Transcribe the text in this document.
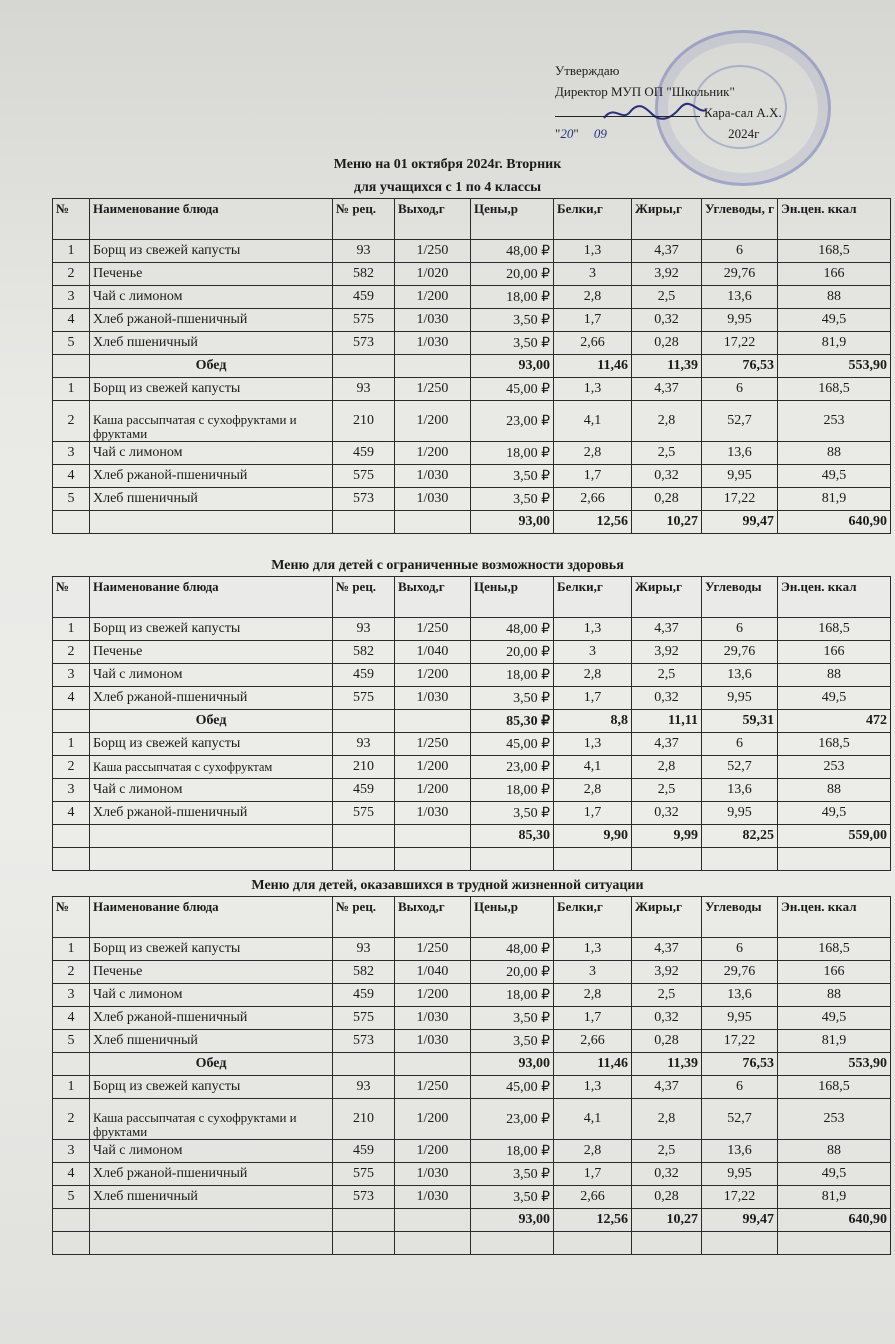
Утверждаю
Директор МУП ОП "Школьник"
Кара-сал А.Х.
"20" 09	2024г
Меню на 01 октября 2024г. Вторник
для учащихся с 1 по 4 классы
№	Наименование блюда	№ рец.	Выход,г	Цены,р	Белки,г	Жиры,г	Углеводы, г	Эн.цен. ккал
1	Борщ из свежей капусты	93	1/250	48,00 ₽	1,3	4,37	6	168,5
2	Печенье	582	1/020	20,00 ₽	3	3,92	29,76	166
3	Чай с лимоном	459	1/200	18,00 ₽	2,8	2,5	13,6	88
4	Хлеб ржаной-пшеничный	575	1/030	3,50 ₽	1,7	0,32	9,95	49,5
5	Хлеб пшеничный	573	1/030	3,50 ₽	2,66	0,28	17,22	81,9
	Обед			93,00	11,46	11,39	76,53	553,90
1	Борщ из свежей капусты	93	1/250	45,00 ₽	1,3	4,37	6	168,5
2	Каша рассыпчатая с сухофруктами и фруктами	210	1/200	23,00 ₽	4,1	2,8	52,7	253
3	Чай с лимоном	459	1/200	18,00 ₽	2,8	2,5	13,6	88
4	Хлеб ржаной-пшеничный	575	1/030	3,50 ₽	1,7	0,32	9,95	49,5
5	Хлеб пшеничный	573	1/030	3,50 ₽	2,66	0,28	17,22	81,9
				93,00	12,56	10,27	99,47	640,90
Меню для детей с ограниченные возможности здоровья
№	Наименование блюда	№ рец.	Выход,г	Цены,р	Белки,г	Жиры,г	Углеводы	Эн.цен. ккал
1	Борщ из свежей капусты	93	1/250	48,00 ₽	1,3	4,37	6	168,5
2	Печенье	582	1/040	20,00 ₽	3	3,92	29,76	166
3	Чай с лимоном	459	1/200	18,00 ₽	2,8	2,5	13,6	88
4	Хлеб ржаной-пшеничный	575	1/030	3,50 ₽	1,7	0,32	9,95	49,5
	Обед			85,30 ₽	8,8	11,11	59,31	472
1	Борщ из свежей капусты	93	1/250	45,00 ₽	1,3	4,37	6	168,5
2	Каша рассыпчатая с сухофруктам	210	1/200	23,00 ₽	4,1	2,8	52,7	253
3	Чай с лимоном	459	1/200	18,00 ₽	2,8	2,5	13,6	88
4	Хлеб ржаной-пшеничный	575	1/030	3,50 ₽	1,7	0,32	9,95	49,5
				85,30	9,90	9,99	82,25	559,00

Меню для детей, оказавшихся в трудной жизненной ситуации
№	Наименование блюда	№ рец.	Выход,г	Цены,р	Белки,г	Жиры,г	Углеводы	Эн.цен. ккал
1	Борщ из свежей капусты	93	1/250	48,00 ₽	1,3	4,37	6	168,5
2	Печенье	582	1/040	20,00 ₽	3	3,92	29,76	166
3	Чай с лимоном	459	1/200	18,00 ₽	2,8	2,5	13,6	88
4	Хлеб ржаной-пшеничный	575	1/030	3,50 ₽	1,7	0,32	9,95	49,5
5	Хлеб пшеничный	573	1/030	3,50 ₽	2,66	0,28	17,22	81,9
	Обед			93,00	11,46	11,39	76,53	553,90
1	Борщ из свежей капусты	93	1/250	45,00 ₽	1,3	4,37	6	168,5
2	Каша рассыпчатая с сухофруктами и фруктами	210	1/200	23,00 ₽	4,1	2,8	52,7	253
3	Чай с лимоном	459	1/200	18,00 ₽	2,8	2,5	13,6	88
4	Хлеб ржаной-пшеничный	575	1/030	3,50 ₽	1,7	0,32	9,95	49,5
5	Хлеб пшеничный	573	1/030	3,50 ₽	2,66	0,28	17,22	81,9
				93,00	12,56	10,27	99,47	640,90
